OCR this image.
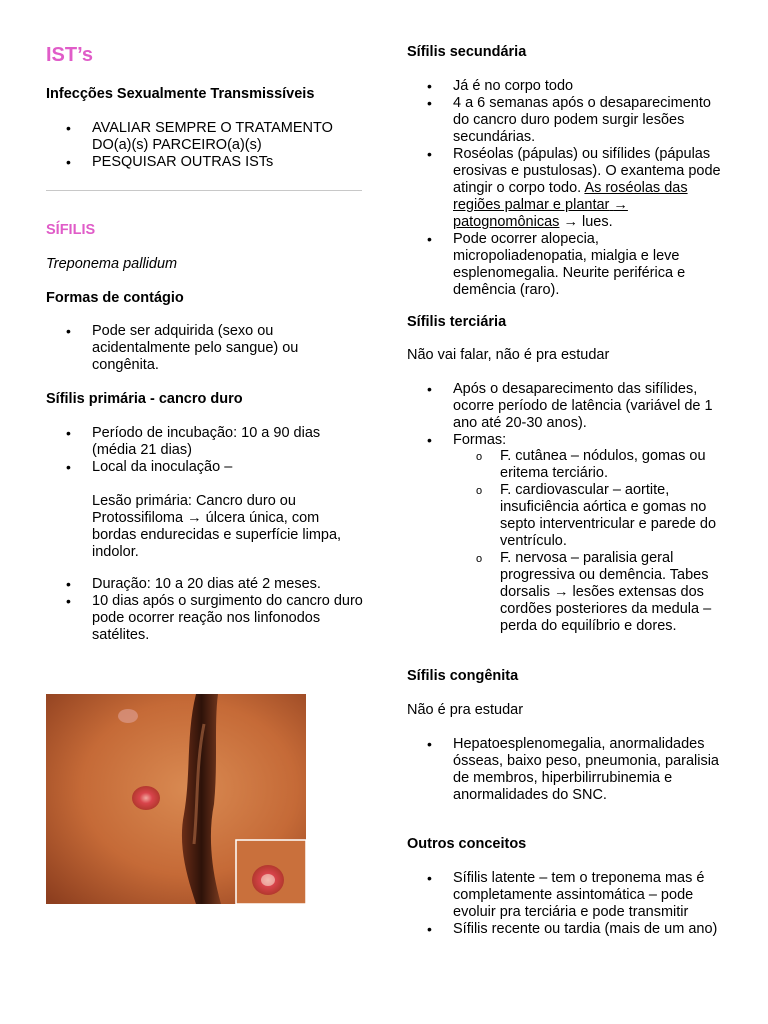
IST’s
Infecções Sexualmente Transmissíveis
• AVALIAR SEMPRE O TRATAMENTO DO(a)(s) PARCEIRO(a)(s)
• PESQUISAR OUTRAS ISTs
SÍFILIS
Treponema pallidum
Formas de contágio
• Pode ser adquirida (sexo ou acidentalmente pelo sangue) ou congênita.
Sífilis primária - cancro duro
• Período de incubação: 10 a 90 dias (média 21 dias)
• Local da inoculação –

Lesão primária: Cancro duro ou Protossifiloma → úlcera única, com bordas endurecidas e superfície limpa, indolor.
• Duração: 10 a 20 dias até 2 meses.
• 10 dias após o surgimento do cancro duro pode ocorrer reação nos linfonodos satélites.
Sífilis secundária
• Já é no corpo todo
• 4 a 6 semanas após o desaparecimento do cancro duro podem surgir lesões secundárias.
• Roséolas (pápulas) ou sifílides (pápulas erosivas e pustulosas). O exantema pode atingir o corpo todo. As roséolas das regiões palmar e plantar → patognomônicas → lues.
• Pode ocorrer alopecia, micropoliadenopatia, mialgia e leve esplenomegalia. Neurite periférica e demência (raro).
Sífilis terciária
Não vai falar, não é pra estudar
• Após o desaparecimento das sifílides, ocorre período de latência (variável de 1 ano até 20-30 anos).
• Formas:
o F. cutânea – nódulos, gomas ou eritema terciário.
o F. cardiovascular – aortite, insuficiência aórtica e gomas no septo interventricular e parede do ventrículo.
o F. nervosa – paralisia geral progressiva ou demência. Tabes dorsalis → lesões extensas dos cordões posteriores da medula – perda do equilíbrio e dores.
Sífilis congênita
Não é pra estudar
• Hepatoesplenomegalia, anormalidades ósseas, baixo peso, pneumonia, paralisia de membros, hiperbilirrubinemia e anormalidades do SNC.
Outros conceitos
• Sífilis latente – tem o treponema mas é completamente assintomática – pode evoluir pra terciária e pode transmitir
• Sífilis recente ou tardia (mais de um ano)
